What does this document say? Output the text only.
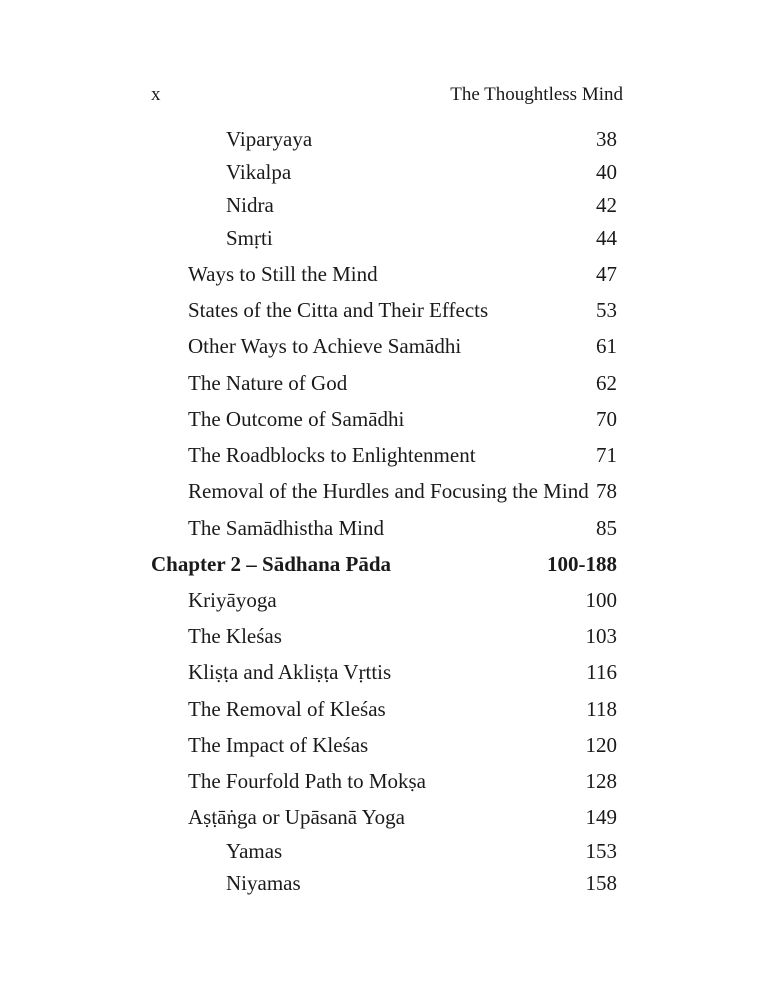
x	The Thoughtless Mind
Viparyaya	38
Vikalpa	40
Nidra	42
Smṛti	44
Ways to Still the Mind	47
States of the Citta and Their Effects	53
Other Ways to Achieve Samādhi	61
The Nature of God	62
The Outcome of Samādhi	70
The Roadblocks to Enlightenment	71
Removal of the Hurdles and Focusing the Mind 78
The Samādhistha Mind	85
Chapter 2 – Sādhana Pāda	100-188
Kriyāyoga	100
The Kleśas	103
Kliṣṭa and Akliṣṭa Vṛttis	116
The Removal of Kleśas	118
The Impact of Kleśas	120
The Fourfold Path to Mokṣa	128
Aṣṭāṅga or Upāsanā Yoga	149
Yamas	153
Niyamas	158
